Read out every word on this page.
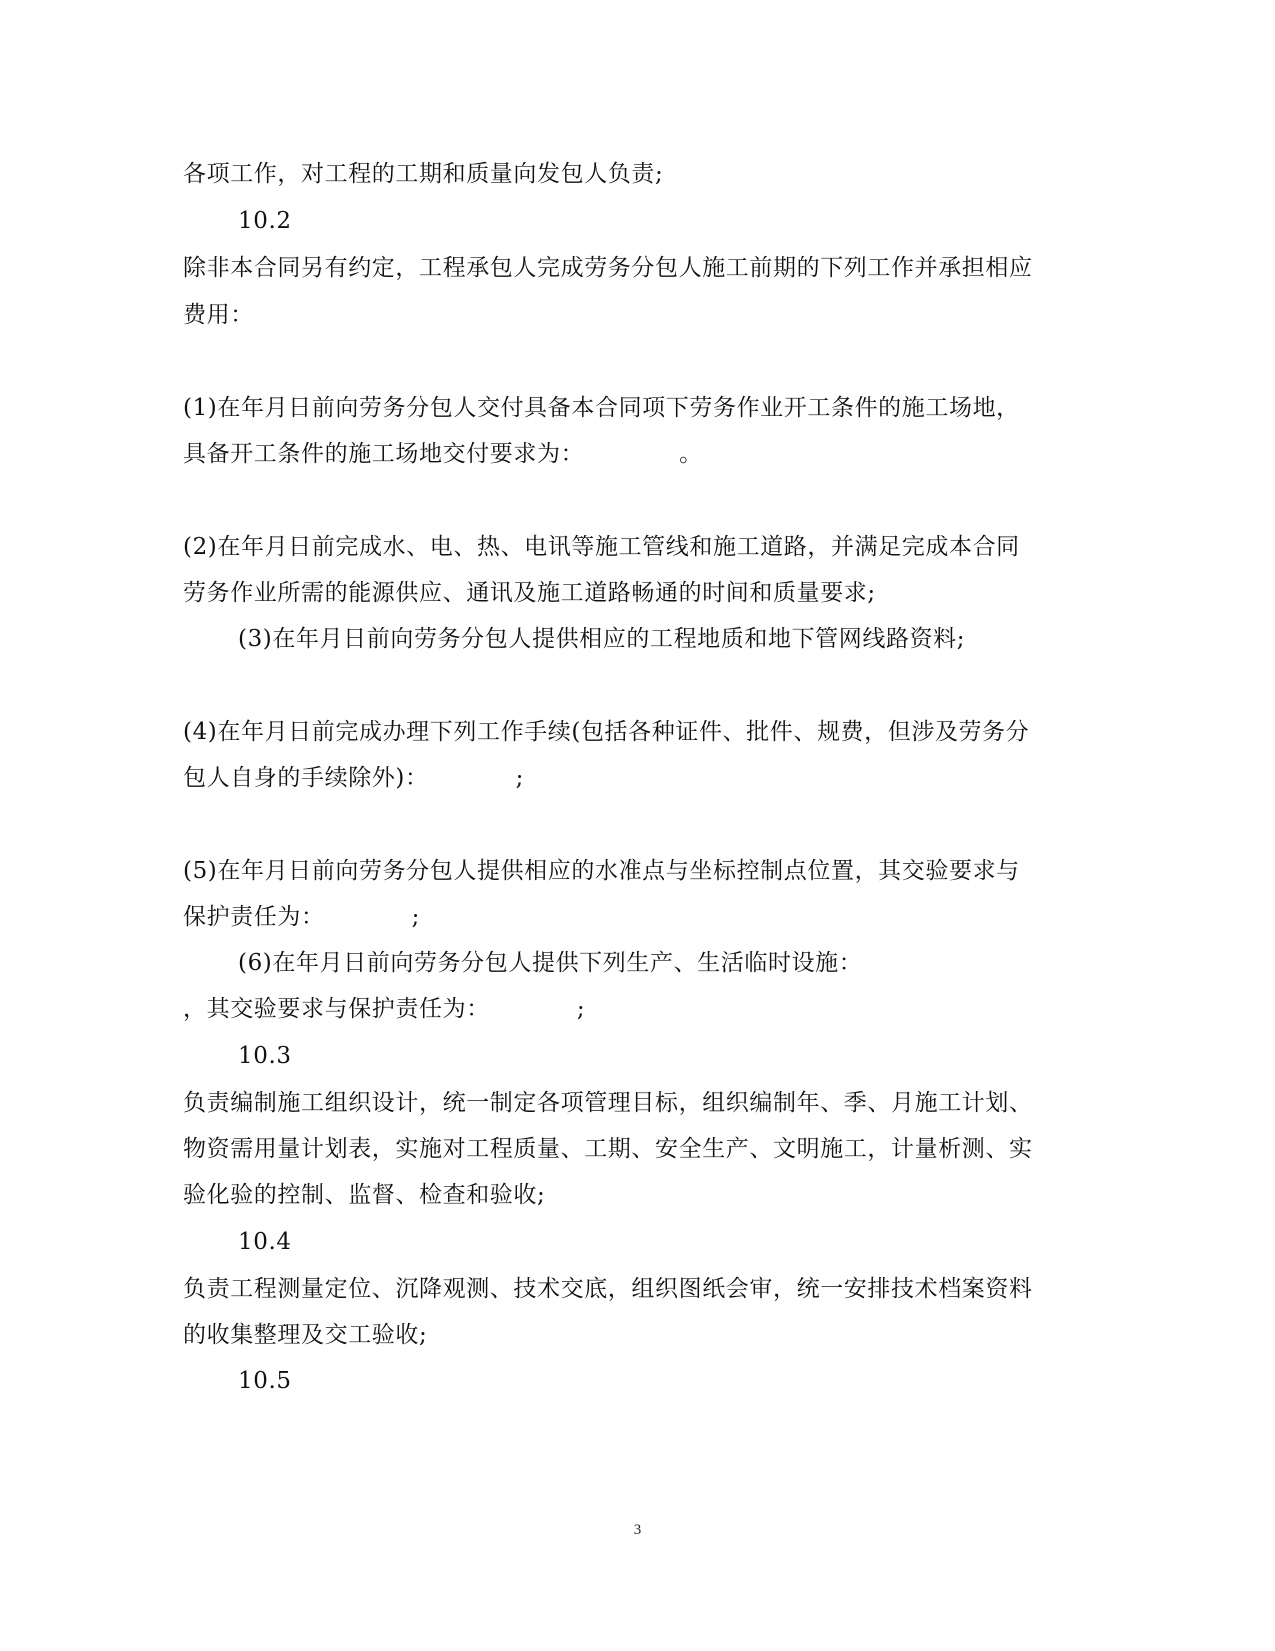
各项工作，对工程的工期和质量向发包人负责;
10.2
除非本合同另有约定，工程承包人完成劳务分包人施工前期的下列工作并承担相应
费用：
(1)在年月日前向劳务分包人交付具备本合同项下劳务作业开工条件的施工场地，
具备开工条件的施工场地交付要求为：            。
(2)在年月日前完成水、电、热、电讯等施工管线和施工道路，并满足完成本合同
劳务作业所需的能源供应、通讯及施工道路畅通的时间和质量要求;
(3)在年月日前向劳务分包人提供相应的工程地质和地下管网线路资料;
(4)在年月日前完成办理下列工作手续(包括各种证件、批件、规费，但涉及劳务分
包人自身的手续除外)：           ;
(5)在年月日前向劳务分包人提供相应的水准点与坐标控制点位置，其交验要求与
保护责任为：           ;
(6)在年月日前向劳务分包人提供下列生产、生活临时设施：
，其交验要求与保护责任为：           ;
10.3
负责编制施工组织设计，统一制定各项管理目标，组织编制年、季、月施工计划、
物资需用量计划表，实施对工程质量、工期、安全生产、文明施工，计量析测、实
验化验的控制、监督、检查和验收;
10.4
负责工程测量定位、沉降观测、技术交底，组织图纸会审，统一安排技术档案资料
的收集整理及交工验收;
10.5
3
